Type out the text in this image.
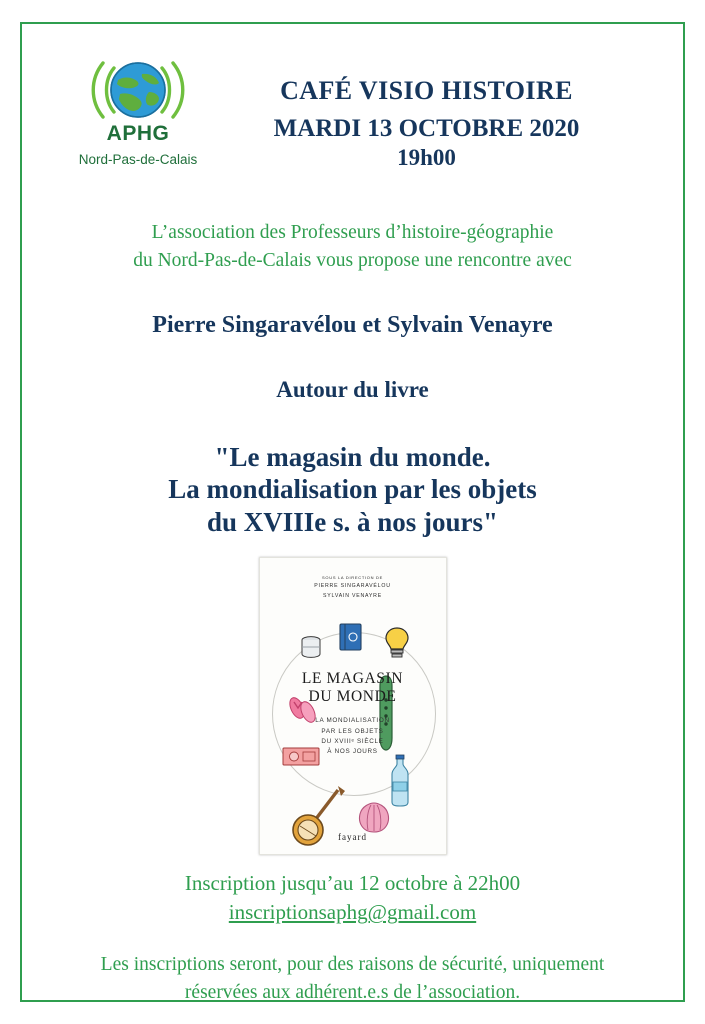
APHG
Nord-Pas-de-Calais
CAFÉ VISIO HISTOIRE
MARDI 13 OCTOBRE 2020
19h00
L’association des Professeurs d’histoire-géographie
du Nord-Pas-de-Calais vous propose une rencontre avec
Pierre Singaravélou et Sylvain Venayre
Autour du livre
"Le magasin du monde.
La mondialisation par les objets
du XVIIIe s. à nos jours"
SOUS LA DIRECTION DE
PIERRE SINGARAVÉLOU
SYLVAIN VENAYRE
LE MAGASIN
DU MONDE
LA MONDIALISATION
PAR LES OBJETS
DU XVIIIᵉ SIÈCLE
À NOS JOURS
fayard
Inscription jusqu’au 12 octobre à 22h00
inscriptionsaphg@gmail.com
Les inscriptions seront, pour des raisons de sécurité, uniquement
réservées aux adhérent.e.s de l’association.
